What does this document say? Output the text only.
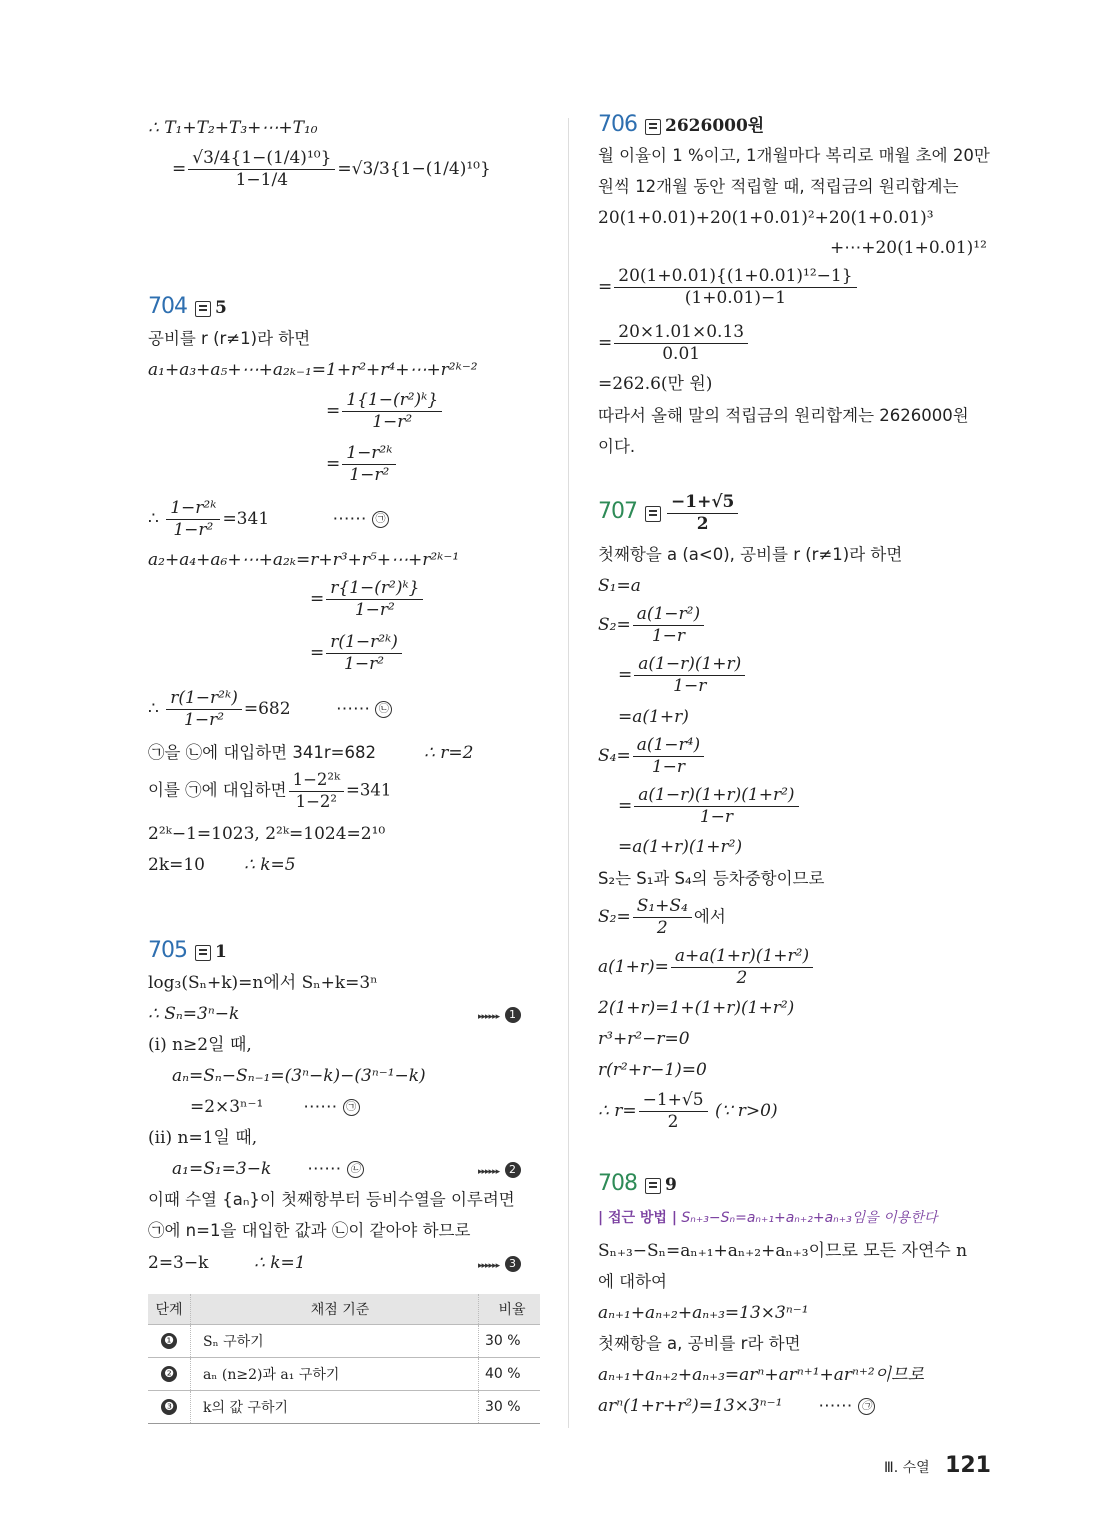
∴ T₁+T₂+T₃+⋯+T₁₀
= $\frac{\text{√3/4\{1−(1/4)¹⁰\}}}{1-1/4} =√3/3\{1-(1/4)^{10}\}$
704 5
공비를 r (r≠1)라 하면
a₁+a₃+a₅+⋯+a₂ₖ₋₁=1+r²+r⁴+⋯+r²ᵏ⁻²
= $\frac{\text{1\{1−(r²)ᵏ\}}}{\text{1−r²}}$
= $\frac{\text{1−r²ᵏ}}{\text{1−r²}}$
∴ $\frac{\text{1−r²ᵏ}}{\text{1−r²}} =341$	⋯⋯ ㉠
a₂+a₄+a₆+⋯+a₂ₖ=r+r³+r⁵+⋯+r²ᵏ⁻¹
= $\frac{\text{r\{1−(r²)ᵏ\}}}{\text{1−r²}}$
= $\frac{\text{r(1−r²ᵏ)}}{\text{1−r²}}$
∴ $\frac{\text{r(1−r²ᵏ)}}{\text{1−r²}} =682$	⋯⋯ ㉡
㉠을 ㉡에 대입하면 341r=682	∴ r=2
이를 ㉠에 대입하면 $\frac{\text{1−2²ᵏ}}{\text{1−2²}} =341$
2²ᵏ−1=1023, 2²ᵏ=1024=2¹⁰
2k=10 ∴ k=5
705 1
log₃(Sₙ+k)=n에서 Sₙ+k=3ⁿ
∴ Sₙ=3ⁿ−k	▸▸▸▸▸▸ 1
(ⅰ) n≥2일 때,
aₙ=Sₙ−Sₙ₋₁=(3ⁿ−k)−(3ⁿ⁻¹−k)
=2×3ⁿ⁻¹ ⋯⋯ ㉠
(ⅱ) n=1일 때,
a₁=S₁=3−k ⋯⋯ ㉡	▸▸▸▸▸▸ 2
이때 수열 {aₙ}이 첫째항부터 등비수열을 이루려면
㉠에 n=1을 대입한 값과 ㉡이 같아야 하므로
2=3−k	∴ k=1	▸▸▸▸▸▸ 3
단계	채점 기준	비율
❶	Sₙ 구하기	30 %
❷	aₙ (n≥2)과 a₁ 구하기	40 %
❸	k의 값 구하기	30 %
706 2626000원
월 이율이 1 %이고, 1개월마다 복리로 매월 초에 20만
원씩 12개월 동안 적립할 때, 적립금의 원리합계는
20(1+0.01)+20(1+0.01)²+20(1+0.01)³
+⋯+20(1+0.01)¹²
= $\frac{\text{20(1+0.01)\{(1+0.01)¹²−1\}}}{(1+0.01)-1}$
= $\frac{20\times 1.01\times 0.13}{0.01}$
=262.6(만 원)
따라서 올해 말의 적립금의 원리합계는 2626000원
이다.
$707 \frac{-1+√5}{2}$
첫째항을 a (a<0), 공비를 r (r≠1)라 하면
S₁=a
$S_2= \frac{\text{a(1−r²)}}{1-r}$
= $\frac{a(1-r)(1+r)}{1-r}$
=a(1+r)
$S_4= \frac{\text{a(1−r⁴)}}{1-r}$
= $\frac{\text{a(1−r)(1+r)(1+r²)}}{1-r}$
=a(1+r)(1+r²)
S₂는 S₁과 S₄의 등차중항이므로
$S_2= \frac{\text{S₁+S₄}}{2}$ 에서
$a(1+r)= \frac{\text{a+a(1+r)(1+r²)}}{2}$
2(1+r)=1+(1+r)(1+r²)
r³+r²−r=0
r(r²+r−1)=0
∴ $r= \frac{-1+√5}{2}$ (∵ r>0)
708 9
| 접근 방법 | Sₙ₊₃−Sₙ=aₙ₊₁+aₙ₊₂+aₙ₊₃임을 이용한다
Sₙ₊₃−Sₙ=aₙ₊₁+aₙ₊₂+aₙ₊₃이므로 모든 자연수 n
에 대하여
aₙ₊₁+aₙ₊₂+aₙ₊₃=13×3ⁿ⁻¹
첫째항을 a, 공비를 r라 하면
aₙ₊₁+aₙ₊₂+aₙ₊₃=arⁿ+arⁿ⁺¹+arⁿ⁺²이므로
arⁿ(1+r+r²)=13×3ⁿ⁻¹ ⋯⋯ ㉠
Ⅲ. 수열 121
